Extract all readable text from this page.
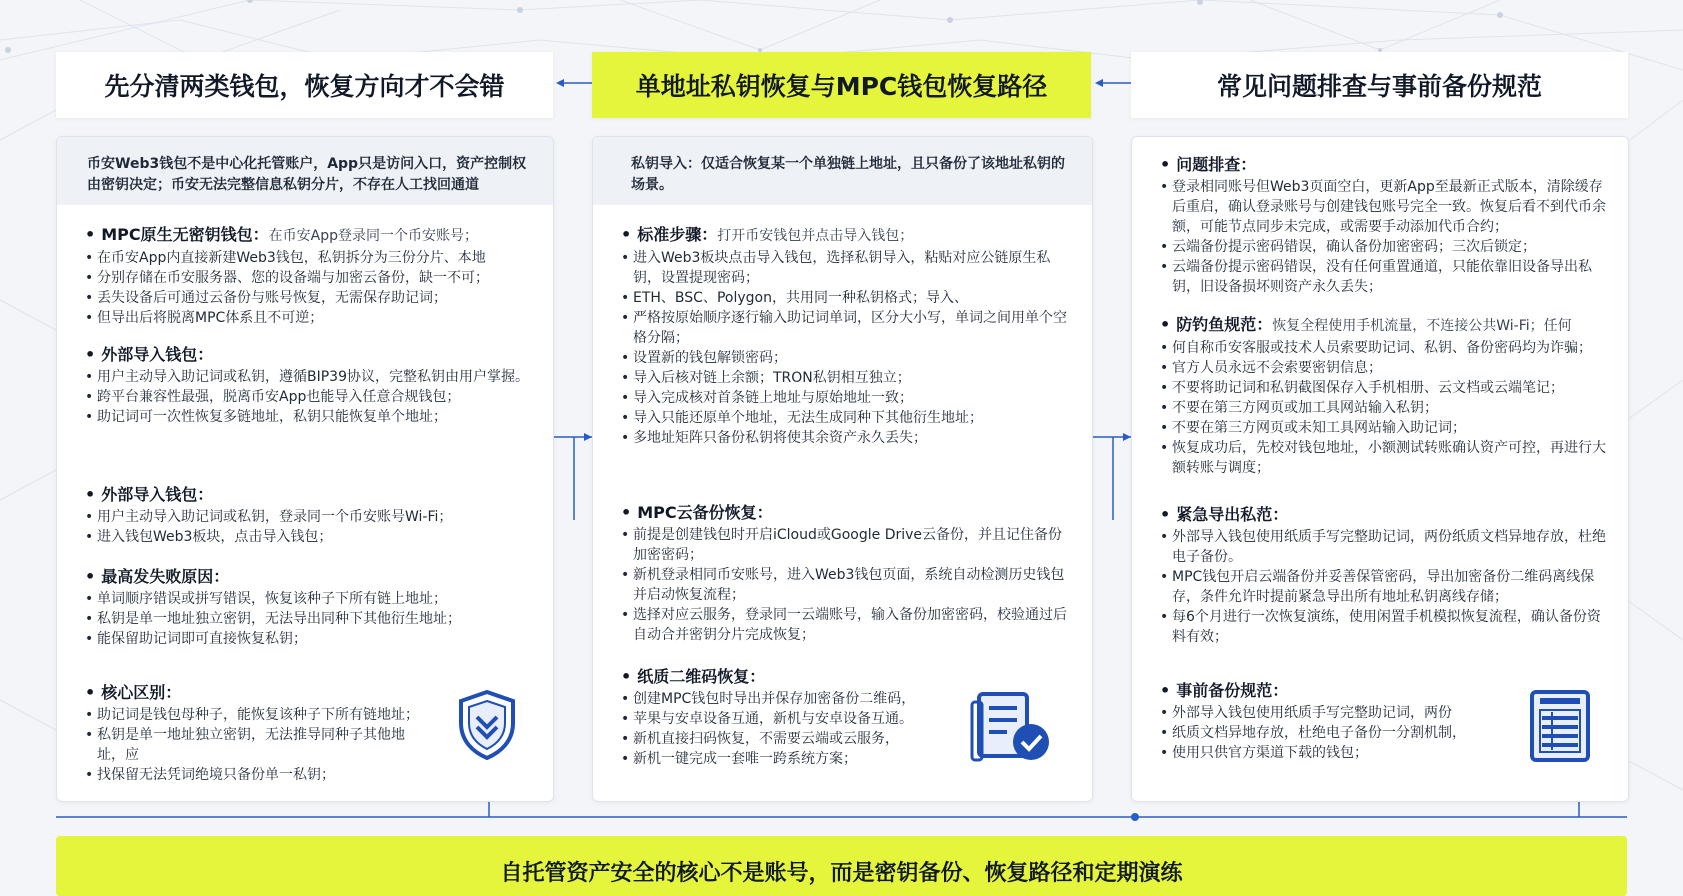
先分清两类钱包，恢复方向才不会错	单地址私钥恢复与MPC钱包恢复路径	常见问题排查与事前备份规范
币安Web3钱包不是中心化托管账户，App只是访问入口，资产控制权由密钥决定；币安无法完整信息私钥分片，不存在人工找回通道
• MPC原生无密钥钱包：在币安App登录同一个币安账号；
• 在币安App内直接新建Web3钱包，私钥拆分为三份分片、本地
• 分别存储在币安服务器、您的设备端与加密云备份，缺一不可；
• 丢失设备后可通过云备份与账号恢复，无需保存助记词；
• 但导出后将脱离MPC体系且不可逆；
• 外部导入钱包：
• 用户主动导入助记词或私钥，遵循BIP39协议，完整私钥由用户掌握。
• 跨平台兼容性最强，脱离币安App也能导入任意合规钱包；
• 助记词可一次性恢复多链地址，私钥只能恢复单个地址；
• 外部导入钱包：
• 用户主动导入助记词或私钥，登录同一个币安账号Wi-Fi；
• 进入钱包Web3板块，点击导入钱包；
• 最高发失败原因：
• 单词顺序错误或拼写错误，恢复该种子下所有链上地址；
• 私钥是单一地址独立密钥，无法导出同种下其他衍生地址；
• 能保留助记词即可直接恢复私钥；
• 核心区别：
• 助记词是钱包母种子，能恢复该种子下所有链地址；
• 私钥是单一地址独立密钥，无法推导同种子其他地址，应
• 找保留无法凭词绝境只备份单一私钥；
私钥导入：仅适合恢复某一个单独链上地址，且只备份了该地址私钥的场景。
• 标准步骤：打开币安钱包并点击导入钱包；
• 进入Web3板块点击导入钱包，选择私钥导入，粘贴对应公链原生私钥，设置提现密码；
• ETH、BSC、Polygon，共用同一种私钥格式；导入、
• 严格按原始顺序逐行输入助记词单词，区分大小写，单词之间用单个空格分隔；
• 设置新的钱包解锁密码；
• 导入后核对链上余额；TRON私钥相互独立；
• 导入完成核对首条链上地址与原始地址一致；
• 导入只能还原单个地址，无法生成同种下其他衍生地址；
• 多地址矩阵只备份私钥将使其余资产永久丢失；
• MPC云备份恢复：
• 前提是创建钱包时开启iCloud或Google Drive云备份，并且记住备份加密密码；
• 新机登录相同币安账号，进入Web3钱包页面，系统自动检测历史钱包并启动恢复流程；
• 选择对应云服务，登录同一云端账号，输入备份加密密码，校验通过后自动合并密钥分片完成恢复；
• 纸质二维码恢复：
• 创建MPC钱包时导出并保存加密备份二维码，
• 苹果与安卓设备互通，新机与安卓设备互通。
• 新机直接扫码恢复，不需要云端或云服务，
• 新机一键完成一套唯一跨系统方案；
• 问题排查：
• 登录相同账号但Web3页面空白，更新App至最新正式版本，清除缓存后重启，确认登录账号与创建钱包账号完全一致。恢复后看不到代币余额，可能节点同步未完成，或需要手动添加代币合约；
• 云端备份提示密码错误，确认备份加密密码；三次后锁定；
• 云端备份提示密码错误，没有任何重置通道，只能依靠旧设备导出私钥，旧设备损坏则资产永久丢失；
• 防钓鱼规范：恢复全程使用手机流量，不连接公共Wi-Fi；任何
• 何自称币安客服或技术人员索要助记词、私钥、备份密码均为诈骗；
• 官方人员永远不会索要密钥信息；
• 不要将助记词和私钥截图保存入手机相册、云文档或云端笔记；
• 不要在第三方网页或加工具网站输入私钥；
• 不要在第三方网页或未知工具网站输入助记词；
• 恢复成功后，先校对钱包地址，小额测试转账确认资产可控，再进行大额转账与调度；
• 紧急导出私范：
• 外部导入钱包使用纸质手写完整助记词，两份纸质文档异地存放，杜绝电子备份。
• MPC钱包开启云端备份并妥善保管密码，导出加密备份二维码离线保存，条件允许时提前紧急导出所有地址私钥离线存储；
• 每6个月进行一次恢复演练，使用闲置手机模拟恢复流程，确认备份资料有效；
• 事前备份规范：
• 外部导入钱包使用纸质手写完整助记词，两份
• 纸质文档异地存放，杜绝电子备份一分割机制，
• 使用只供官方渠道下载的钱包；
自托管资产安全的核心不是账号，而是密钥备份、恢复路径和定期演练
